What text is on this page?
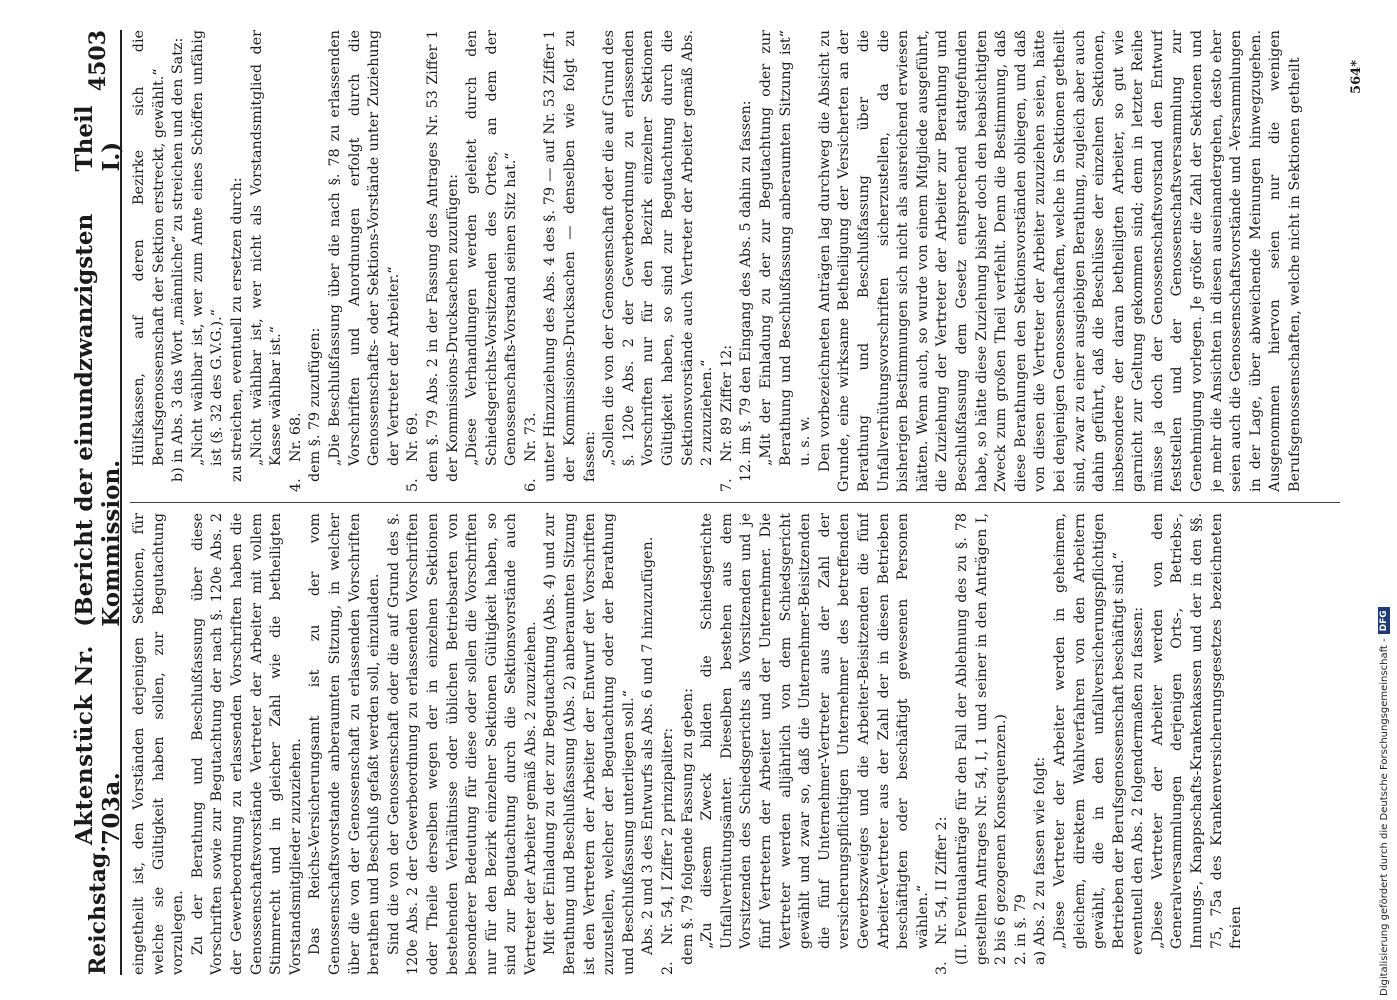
Reichstag.
Aktenstück Nr. 703a.
(Bericht der einundzwanzigsten Kommission.
Theil I.)
4503

eingetheilt ist, den Vorständen derjenigen Sektionen, für welche sie Gültigkeit haben sollen, zur Begutachtung vorzulegen. Zu der Berathung und Beschlußfassung über diese Vorschriften sowie zur Begutachtung der nach §. 120e Abs. 2 der Gewerbeordnung zu erlassenden Vorschriften haben die Genossenschaftsvorstände Vertreter der Arbeiter mit vollem Stimmrecht und in gleicher Zahl wie die betheiligten Vorstandsmitglieder zuzuziehen. Das Reichs-Versicherungsamt ist zu der vom Genossenschaftsvorstande anberaumten Sitzung, in welcher über die von der Genossenschaft zu erlassenden Vorschriften berathen und Beschluß gefaßt werden soll, einzuladen. Sind die von der Genossenschaft oder die auf Grund des §. 120e Abs. 2 der Gewerbeordnung zu erlassenden Vorschriften oder Theile derselben wegen der in einzelnen Sektionen bestehenden Verhältnisse oder üblichen Betriebsarten von besonderer Bedeutung für diese oder sollen die Vorschriften nur für den Bezirk einzelner Sektionen Gültigkeit haben, so sind zur Begutachtung durch die Sektionsvorstände auch Vertreter der Arbeiter gemäß Abs. 2 zuzuziehen. Mit der Einladung zu der zur Begutachtung (Abs. 4) und zur Berathung und Beschlußfassung (Abs. 2) anberaumten Sitzung ist den Vertretern der Arbeiter der Entwurf der Vorschriften zuzustellen, welcher der Begutachtung oder der Berathung und Beschlußfassung unterliegen soll.“ Abs. 2 und 3 des Entwurfs als Abs. 6 und 7 hinzuzufügen.

2.
Nr. 54, I Ziffer 2 prinzipaliter: dem §. 79 folgende Fassung zu geben: „Zu diesem Zweck bilden die Schiedsgerichte Unfallverhütungsämter. Dieselben bestehen aus dem Vorsitzenden des Schiedsgerichts als Vorsitzenden und je fünf Vertretern der Arbeiter und der Unternehmer. Die Vertreter werden alljährlich von dem Schiedsgericht gewählt und zwar so, daß die Unternehmer-Beisitzenden die fünf Unternehmer-Vertreter aus der Zahl der versicherungspflichtigen Unternehmer des betreffenden Gewerbszweiges und die Arbeiter-Beisitzenden die fünf Arbeiter-Vertreter aus der Zahl der in diesen Betrieben beschäftigten oder beschäftigt gewesenen Personen wählen.“

3.
Nr. 54, II Ziffer 2: (II. Eventualanträge für den Fall der Ablehnung des zu §. 78 gestellten Antrages Nr. 54, I, 1 und seiner in den Anträgen I, 2 bis 6 gezogenen Konsequenzen.) 2. in §. 79 a) Abs. 2 zu fassen wie folgt: „Diese Vertreter der Arbeiter werden in geheimem, gleichem, direktem Wahlverfahren von den Arbeitern gewählt, die in den unfallversicherungspflichtigen Betrieben der Berufsgenossenschaft beschäftigt sind.“ eventuell den Abs. 2 folgendermaßen zu fassen: „Diese Vertreter der Arbeiter werden von den Generalversammlungen derjenigen Orts-, Betriebs-, Innungs-, Knappschafts-Krankenkassen und der in den §§. 75, 75a des Krankenversicherungsgesetzes bezeichneten freien

Hülfskassen, auf deren Bezirke sich die Berufsgenossenschaft der Sektion erstreckt, gewählt.“ b) in Abs. 3 das Wort „männliche“ zu streichen und den Satz: „Nicht wählbar ist, wer zum Amte eines Schöffen unfähig ist (§. 32 des G.V.G.).“ zu streichen, eventuell zu ersetzen durch: „Nicht wählbar ist, wer nicht als Vorstandsmitglied der Kasse wählbar ist.“

4.
Nr. 68. dem §. 79 zuzufügen: „Die Beschlußfassung über die nach §. 78 zu erlassenden Vorschriften und Anordnungen erfolgt durch die Genossenschafts- oder Sektions-Vorstände unter Zuziehung der Vertreter der Arbeiter.“

5.
Nr. 69. dem §. 79 Abs. 2 in der Fassung des Antrages Nr. 53 Ziffer 1 der Kommissions-Drucksachen zuzufügen: „Diese Verhandlungen werden geleitet durch den Schiedsgerichts-Vorsitzenden des Ortes, an dem der Genossenschafts-Vorstand seinen Sitz hat.“

6.
Nr. 73. unter Hinzuziehung des Abs. 4 des §. 79 — auf Nr. 53 Ziffer 1 der Kommissions-Drucksachen — denselben wie folgt zu fassen: „Sollen die von der Genossenschaft oder die auf Grund des §. 120e Abs. 2 der Gewerbeordnung zu erlassenden Vorschriften nur für den Bezirk einzelner Sektionen Gültigkeit haben, so sind zur Begutachtung durch die Sektionsvorstände auch Vertreter der Arbeiter gemäß Abs. 2 zuzuziehen.“

7.
Nr. 89 Ziffer 12: 12. im §. 79 den Eingang des Abs. 5 dahin zu fassen: „Mit der Einladung zu der zur Begutachtung oder zur Berathung und Beschlußfassung anberaumten Sitzung ist“ u. s. w. Den vorbezeichneten Anträgen lag durchweg die Absicht zu Grunde, eine wirksame Betheiligung der Versicherten an der Berathung und Beschlußfassung über die Unfallverhütungsvorschriften sicherzustellen, da die bisherigen Bestimmungen sich nicht als ausreichend erwiesen hätten. Wenn auch, so wurde von einem Mitgliede ausgeführt, die Zuziehung der Vertreter der Arbeiter zur Berathung und Beschlußfassung dem Gesetz entsprechend stattgefunden habe, so hätte diese Zuziehung bisher doch den beabsichtigten Zweck zum großen Theil verfehlt. Denn die Bestimmung, daß diese Berathungen den Sektionsvorständen obliegen, und daß von diesen die Vertreter der Arbeiter zuzuziehen seien, hätte bei denjenigen Genossenschaften, welche in Sektionen getheilt sind, zwar zu einer ausgiebigen Berathung, zugleich aber auch dahin geführt, daß die Beschlüsse der einzelnen Sektionen, insbesondere der daran betheiligten Arbeiter, so gut wie garnicht zur Geltung gekommen sind; denn in letzter Reihe müsse ja doch der Genossenschaftsvorstand den Entwurf feststellen und der Genossenschaftsversammlung zur Genehmigung vorlegen. Je größer die Zahl der Sektionen und je mehr die Ansichten in diesen auseinandergehen, desto eher seien auch die Genossenschaftsvorstände und -Versammlungen in der Lage, über abweichende Meinungen hinwegzugehen. Ausgenommen hiervon seien nur die wenigen Berufsgenossenschaften, welche nicht in Sektionen getheilt	564*
Digitalisierung gefördert durch die Deutsche Forschungsgemeinschaft -
DFG
